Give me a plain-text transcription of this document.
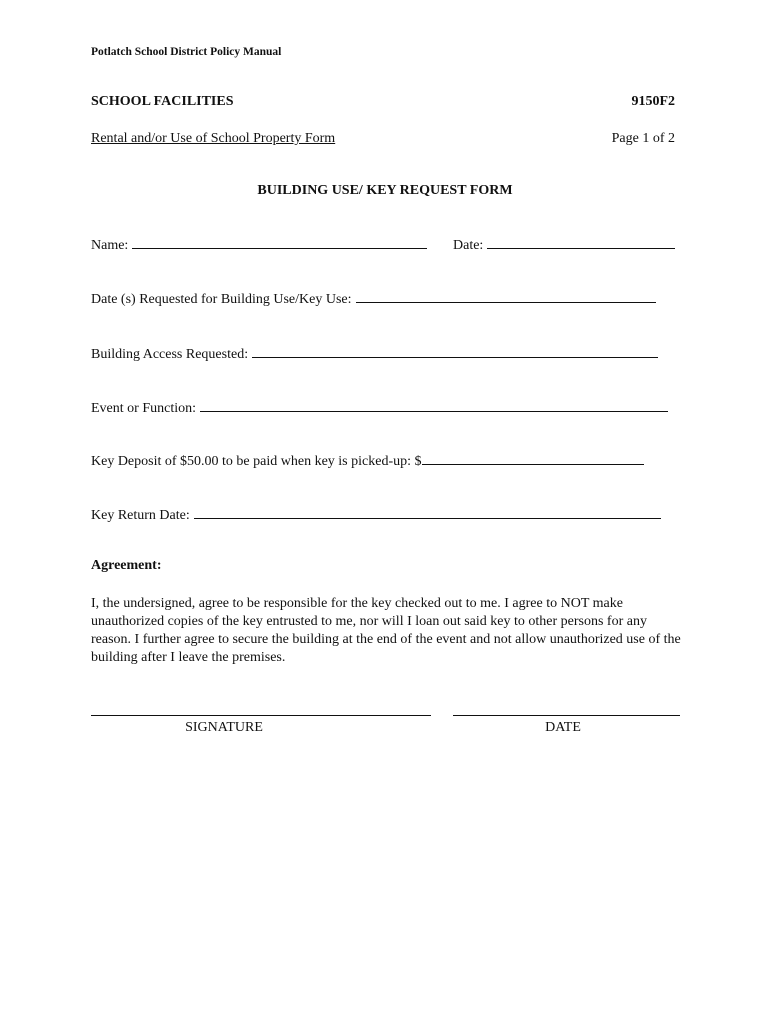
Potlatch School District Policy Manual
SCHOOL FACILITIES	9150F2
Rental and/or Use of School Property Form	Page 1 of 2
BUILDING USE/ KEY REQUEST FORM
Name:	Date:
Date (s) Requested for Building Use/Key Use:
Building Access Requested:
Event or Function:
Key Deposit of $50.00 to be paid when key is picked-up: $
Key Return Date:
Agreement:
I, the undersigned, agree to be responsible for the key checked out to me. I agree to NOT make unauthorized copies of the key entrusted to me, nor will I loan out said key to other persons for any reason. I further agree to secure the building at the end of the event and not allow unauthorized use of the building after I leave the premises.
SIGNATURE	DATE
